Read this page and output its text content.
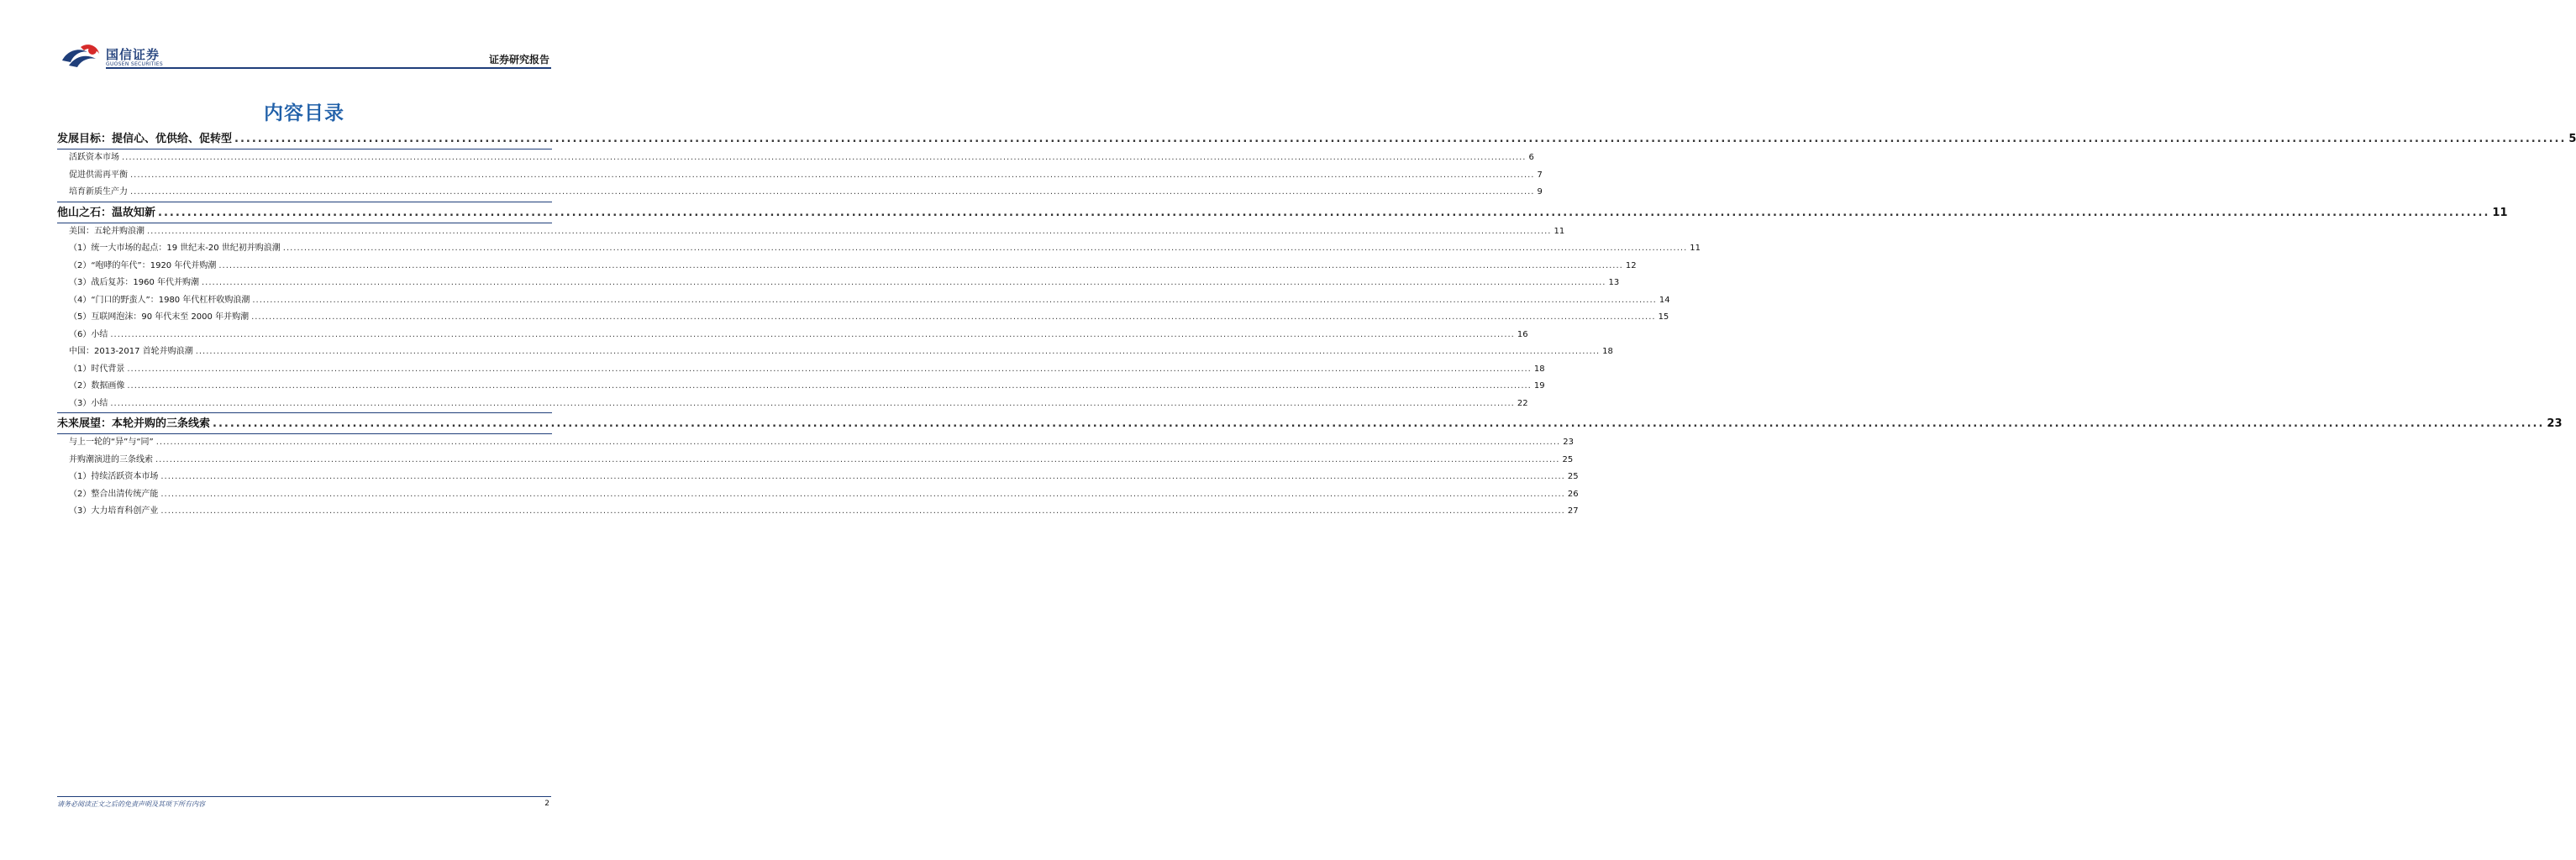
国信证券
GUOSEN SECURITIES	证券研究报告
内容目录
发展目标：提信心、优供给、促转型 ................................................................................................................................................................................................................................................................................................................................................................................................................ 5
活跃资本市场 ................................................................................................................................................................................................................................................................................................................................................................................................................ 6
促进供需再平衡 ................................................................................................................................................................................................................................................................................................................................................................................................................ 7
培育新质生产力 ................................................................................................................................................................................................................................................................................................................................................................................................................ 9
他山之石：温故知新 ................................................................................................................................................................................................................................................................................................................................................................................................................ 11
美国：五轮并购浪潮 ................................................................................................................................................................................................................................................................................................................................................................................................................ 11
（1）统一大市场的起点：19 世纪末-20 世纪初并购浪潮 ................................................................................................................................................................................................................................................................................................................................................................................................................ 11
（2）“咆哮的年代”：1920 年代并购潮 ................................................................................................................................................................................................................................................................................................................................................................................................................ 12
（3）战后复苏：1960 年代并购潮 ................................................................................................................................................................................................................................................................................................................................................................................................................ 13
（4）“门口的野蛮人”：1980 年代杠杆收购浪潮 ................................................................................................................................................................................................................................................................................................................................................................................................................ 14
（5）互联网泡沫：90 年代末至 2000 年并购潮 ................................................................................................................................................................................................................................................................................................................................................................................................................ 15
（6）小结 ................................................................................................................................................................................................................................................................................................................................................................................................................ 16
中国：2013-2017 首轮并购浪潮 ................................................................................................................................................................................................................................................................................................................................................................................................................ 18
（1）时代背景 ................................................................................................................................................................................................................................................................................................................................................................................................................ 18
（2）数据画像 ................................................................................................................................................................................................................................................................................................................................................................................................................ 19
（3）小结 ................................................................................................................................................................................................................................................................................................................................................................................................................ 22
未来展望：本轮并购的三条线索 ................................................................................................................................................................................................................................................................................................................................................................................................................ 23
与上一轮的“异”与“同” ................................................................................................................................................................................................................................................................................................................................................................................................................ 23
并购潮演进的三条线索 ................................................................................................................................................................................................................................................................................................................................................................................................................ 25
（1）持续活跃资本市场 ................................................................................................................................................................................................................................................................................................................................................................................................................ 25
（2）整合出清传统产能 ................................................................................................................................................................................................................................................................................................................................................................................................................ 26
（3）大力培育科创产业 ................................................................................................................................................................................................................................................................................................................................................................................................................ 27
请务必阅读正文之后的免责声明及其项下所有内容	2
